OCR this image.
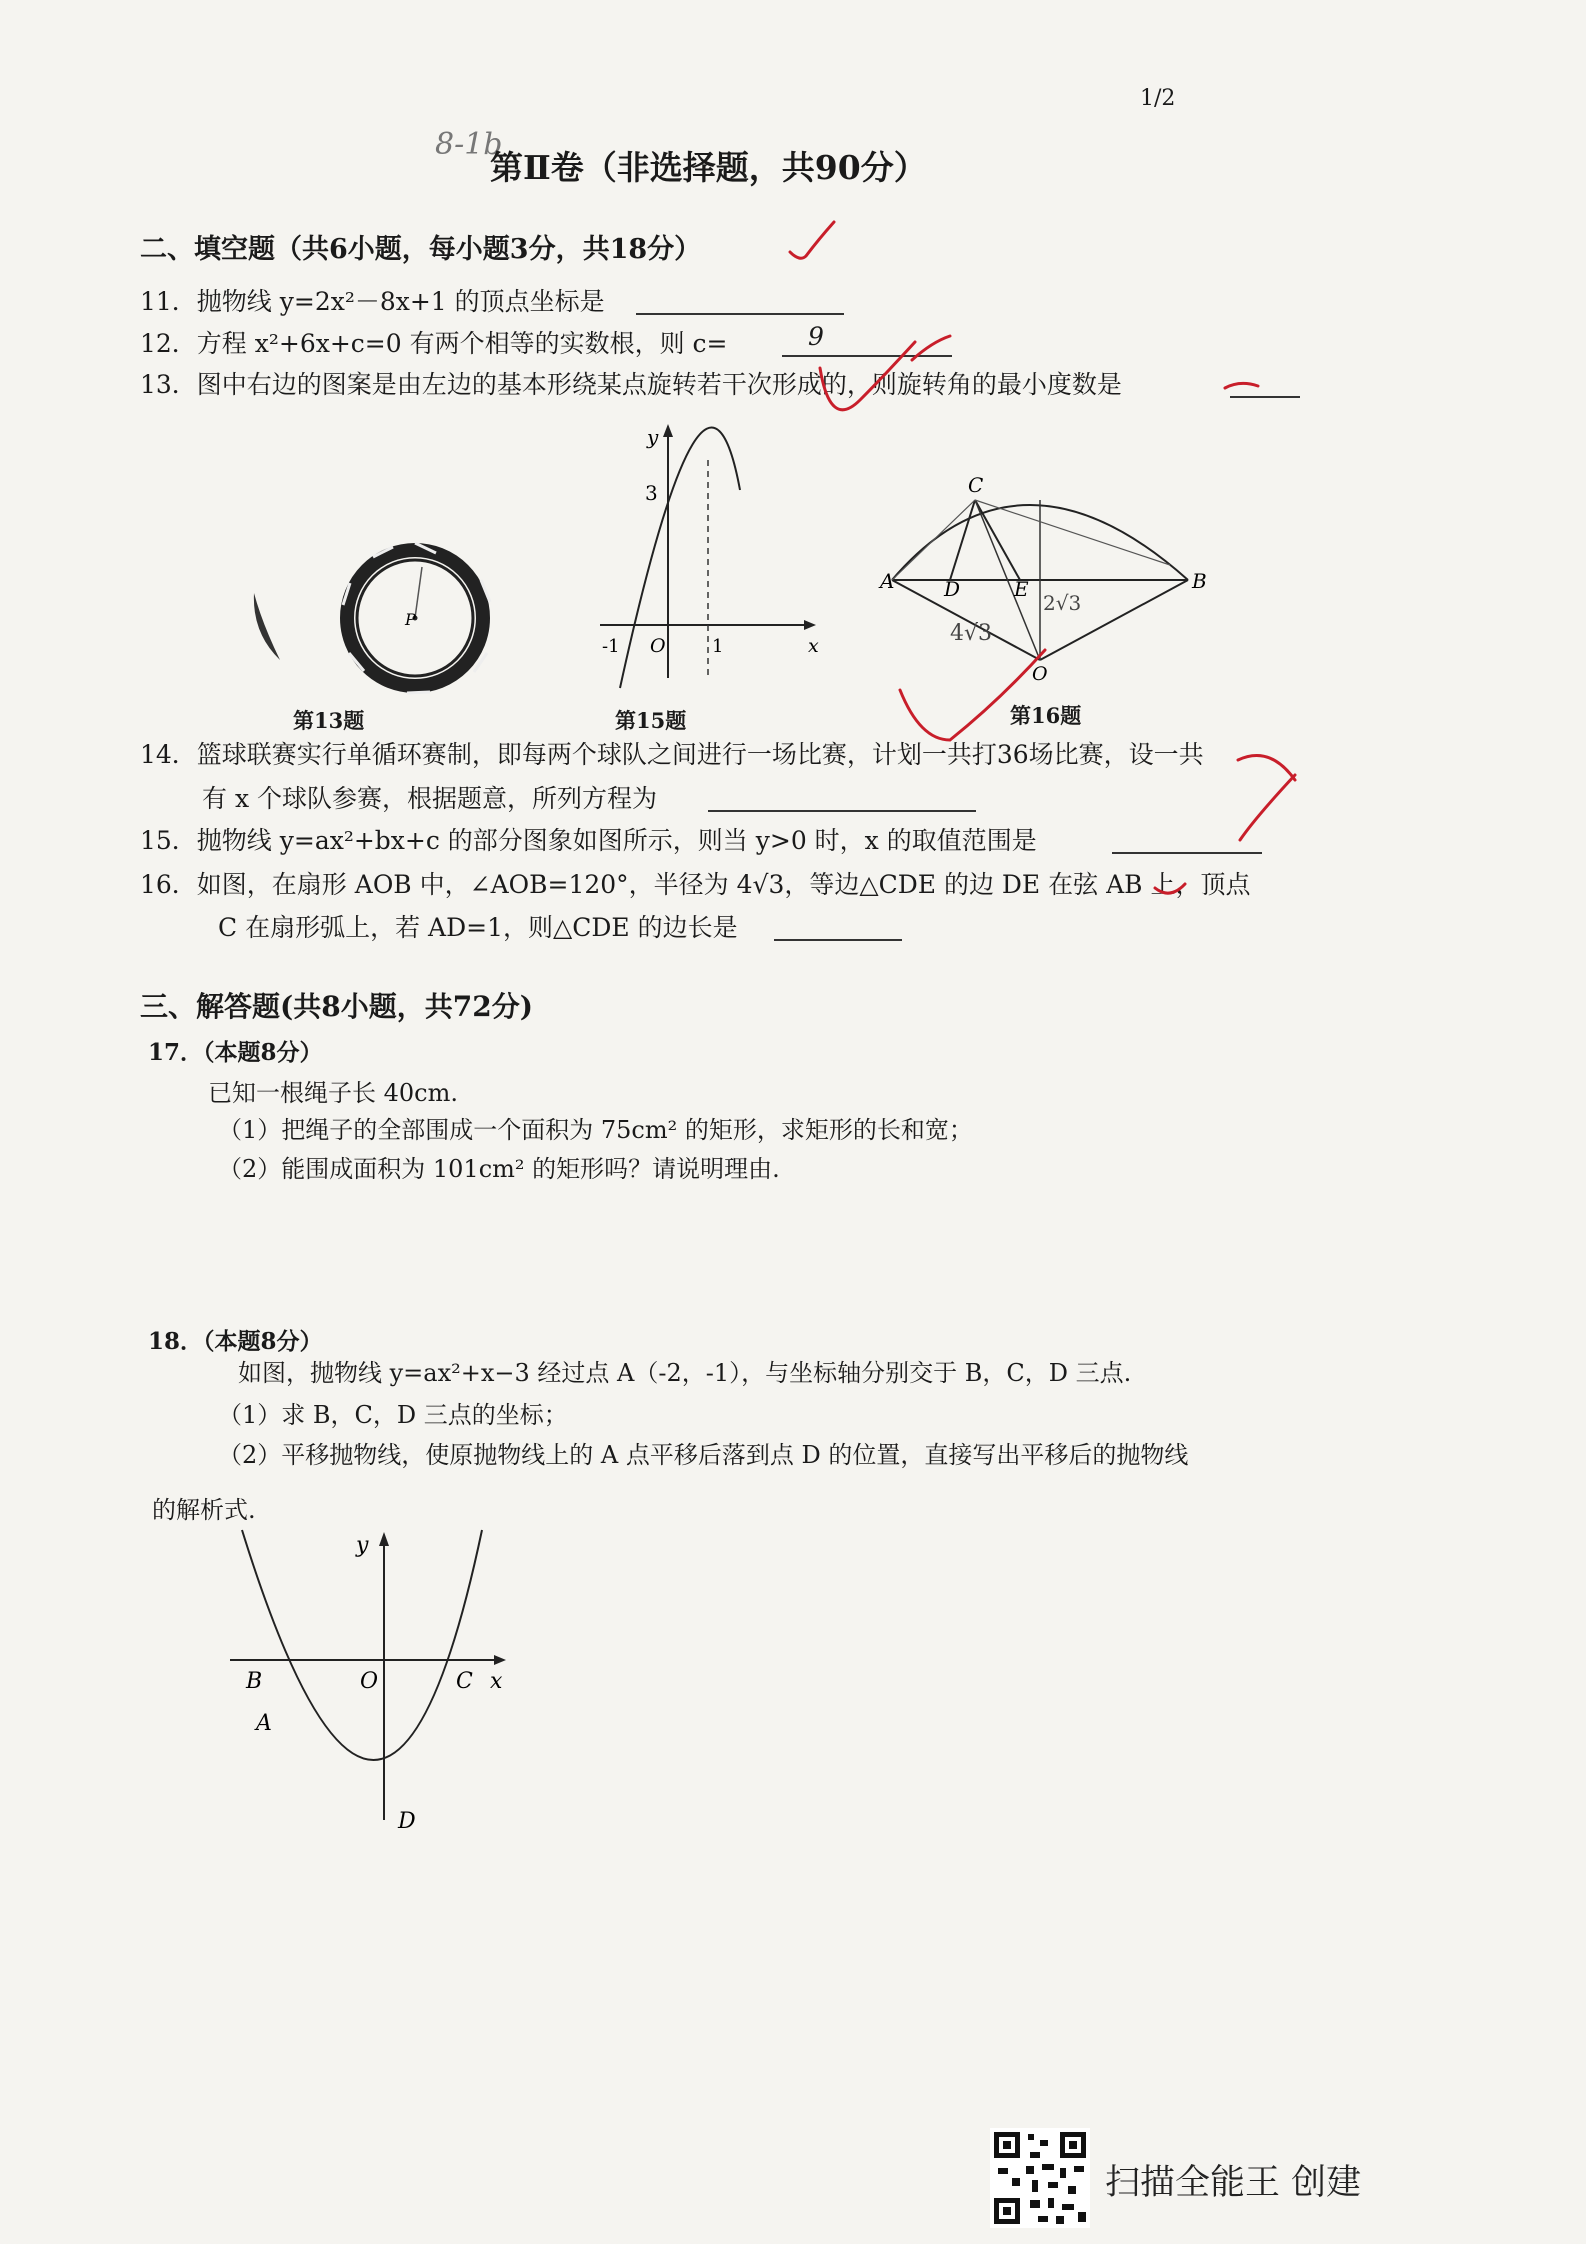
1/2
8-1b
第Ⅱ卷（非选择题，共90分）
二、填空题（共6小题，每小题3分，共18分）
11．抛物线 y=2x²－8x+1 的顶点坐标是
12．方程 x²+6x+c=0 有两个相等的实数根，则 c=	9
13．图中右边的图案是由左边的基本形绕某点旋转若干次形成的，则旋转角的最小度数是
P
第13题
y
3
-1 O	1	x
第15题
C
A D	E	B
O
4√3
2√3
第16题
14．篮球联赛实行单循环赛制，即每两个球队之间进行一场比赛，计划一共打36场比赛，设一共
有 x 个球队参赛，根据题意，所列方程为
15．抛物线 y=ax²+bx+c 的部分图象如图所示，则当 y>0 时，x 的取值范围是
16．如图，在扇形 AOB 中，∠AOB=120°，半径为 4√3，等边△CDE 的边 DE 在弦 AB 上，顶点
C 在扇形弧上，若 AD=1，则△CDE 的边长是
三、解答题(共8小题，共72分)
17．（本题8分）
已知一根绳子长 40cm.
（1）把绳子的全部围成一个面积为 75cm² 的矩形，求矩形的长和宽；
（2）能围成面积为 101cm² 的矩形吗？请说明理由.
18．（本题8分）
如图，抛物线 y=ax²+x−3 经过点 A（-2，-1），与坐标轴分别交于 B，C，D 三点.
（1）求 B，C，D 三点的坐标；
（2）平移抛物线，使原抛物线上的 A 点平移后落到点 D 的位置，直接写出平移后的抛物线
的解析式.
y
B	O	C x
A
D
扫描全能王 创建
